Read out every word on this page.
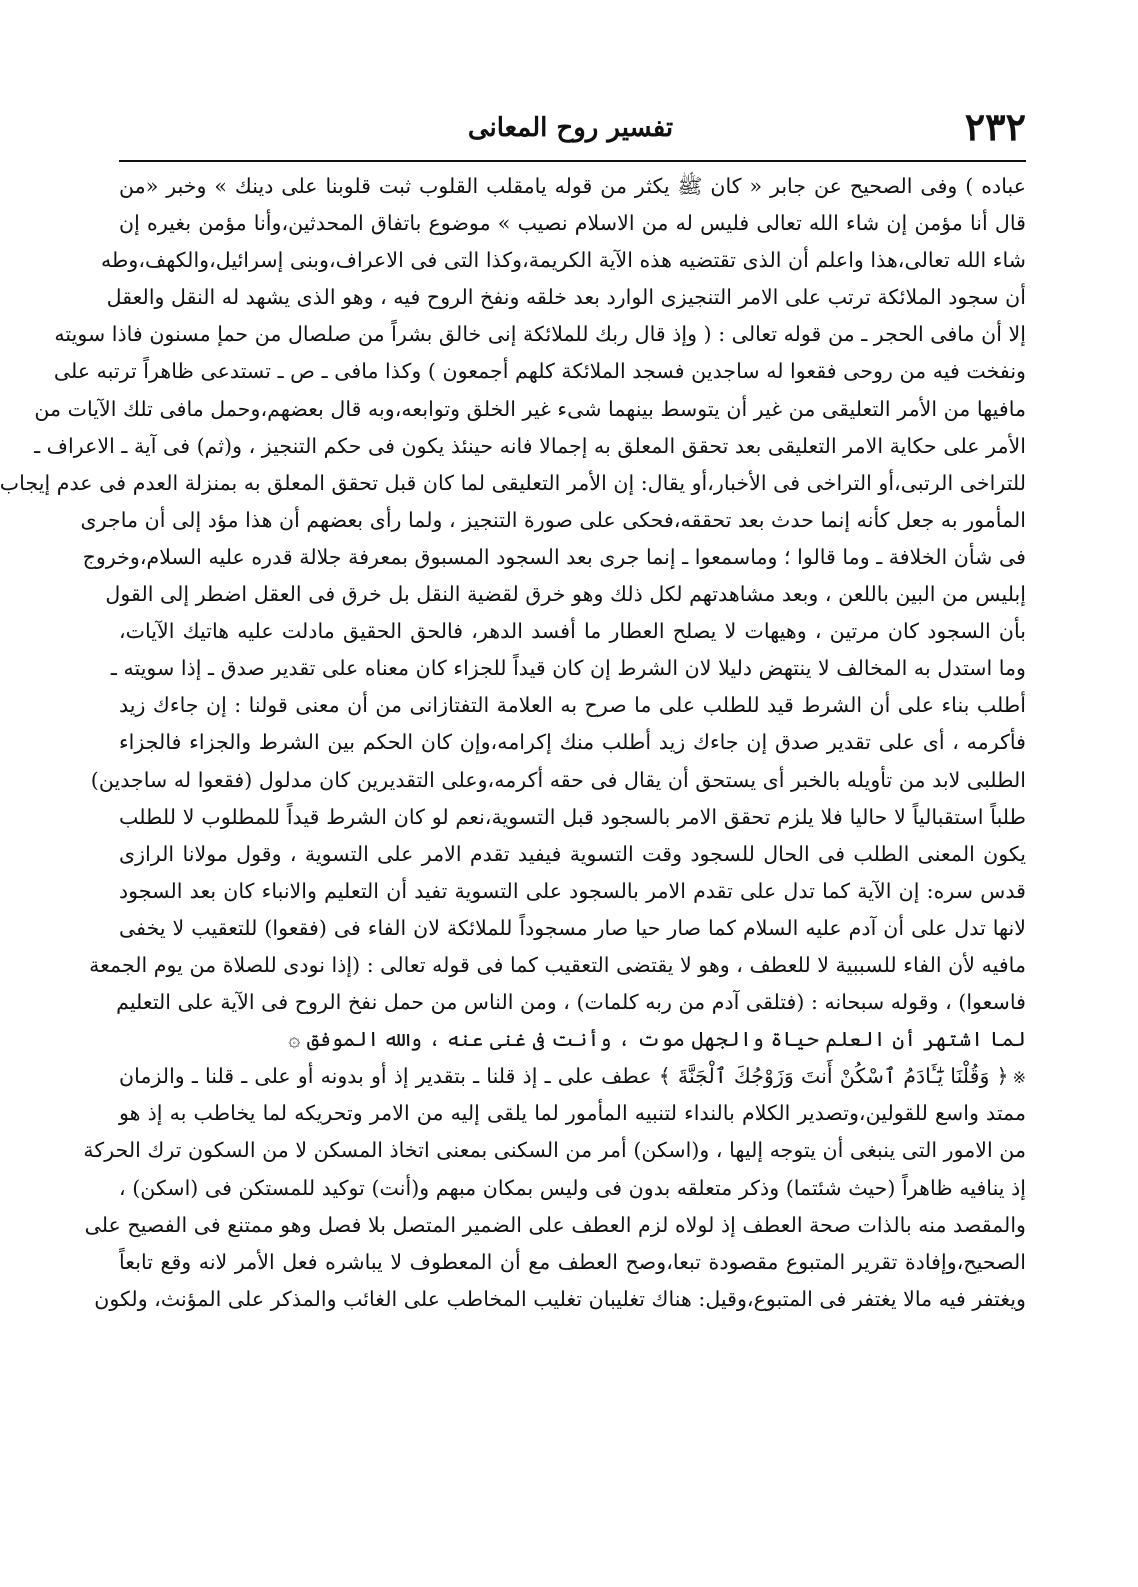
٢٣٢
تفسير روح المعانى
عباده ) وفى الصحيح عن جابر « كان ﷺ يكثر من قوله يامقلب القلوب ثبت قلوبنا على دينك » وخبر «من
قال أنا مؤمن إن شاء الله تعالى فليس له من الاسلام نصيب » موضوع باتفاق المحدثين،وأنا مؤمن بغيره إن
شاء الله تعالى،هذا واعلم أن الذى تقتضيه هذه الآية الكريمة،وكذا التى فى الاعراف،وبنى إسرائيل،والكهف،وطه
أن سجود الملائكة ترتب على الامر التنجيزى الوارد بعد خلقه ونفخ الروح فيه ، وهو الذى يشهد له النقل والعقل
إلا أن مافى الحجر ـ من قوله تعالى : ( وإذ قال ربك للملائكة إنى خالق بشراً من صلصال من حمإ مسنون فاذا سويته
ونفخت فيه من روحى فقعوا له ساجدين فسجد الملائكة كلهم أجمعون ) وكذا مافى ـ ص ـ تستدعى ظاهراً ترتبه على
مافيها من الأمر التعليقى من غير أن يتوسط بينهما شىء غير الخلق وتوابعه،وبه قال بعضهم،وحمل مافى تلك الآيات من
الأمر على حكاية الامر التعليقى بعد تحقق المعلق به إجمالا فانه حينئذ يكون فى حكم التنجيز ، و(ثم) فى آية ـ الاعراف ـ
للتراخى الرتبى،أو التراخى فى الأخبار،أو يقال: إن الأمر التعليقى لما كان قبل تحقق المعلق به بمنزلة العدم فى عدم إيجاب
المأمور به جعل كأنه إنما حدث بعد تحققه،فحكى على صورة التنجيز ، ولما رأى بعضهم أن هذا مؤد إلى أن ماجرى
فى شأن الخلافة ـ وما قالوا ؛ وماسمعوا ـ إنما جرى بعد السجود المسبوق بمعرفة جلالة قدره عليه السلام،وخروج
إبليس من البين باللعن ، وبعد مشاهدتهم لكل ذلك وهو خرق لقضية النقل بل خرق فى العقل اضطر إلى القول
بأن السجود كان مرتين ، وهيهات لا يصلح العطار ما أفسد الدهر، فالحق الحقيق مادلت عليه هاتيك الآيات،
وما استدل به المخالف لا ينتهض دليلا لان الشرط إن كان قيداً للجزاء كان معناه على تقدير صدق ـ إذا سويته ـ
أطلب بناء على أن الشرط قيد للطلب على ما صرح به العلامة التفتازانى من أن معنى قولنا : إن جاءك زيد
فأكرمه ، أى على تقدير صدق إن جاءك زيد أطلب منك إكرامه،وإن كان الحكم بين الشرط والجزاء فالجزاء
الطلبى لابد من تأويله بالخبر أى يستحق أن يقال فى حقه أكرمه،وعلى التقديرين كان مدلول (فقعوا له ساجدين)
طلباً استقبالياً لا حاليا فلا يلزم تحقق الامر بالسجود قبل التسوية،نعم لو كان الشرط قيداً للمطلوب لا للطلب
يكون المعنى الطلب فى الحال للسجود وقت التسوية فيفيد تقدم الامر على التسوية ، وقول مولانا الرازى
قدس سره: إن الآية كما تدل على تقدم الامر بالسجود على التسوية تفيد أن التعليم والانباء كان بعد السجود
لانها تدل على أن آدم عليه السلام كما صار حيا صار مسجوداً للملائكة لان الفاء فى (فقعوا) للتعقيب لا يخفى
مافيه لأن الفاء للسببية لا للعطف ، وهو لا يقتضى التعقيب كما فى قوله تعالى : (إذا نودى للصلاة من يوم الجمعة
فاسعوا) ، وقوله سبحانه : (فتلقى آدم من ربه كلمات) ، ومن الناس من حمل نفخ الروح فى الآية على التعليم
لما اشتهر أن العلم حياة والجهل موت ، وأنت فى غنى عنه ، والله الموفق ۞
※﴿ وَقُلْنَا يَٰٓـَٔادَمُ ٱسْكُنْ أَنتَ وَزَوْجُكَ ٱلْجَنَّةَ ﴾ عطف على ـ إذ قلنا ـ بتقدير إذ أو بدونه أو على ـ قلنا ـ والزمان
ممتد واسع للقولين،وتصدير الكلام بالنداء لتنبيه المأمور لما يلقى إليه من الامر وتحريكه لما يخاطب به إذ هو
من الامور التى ينبغى أن يتوجه إليها ، و(اسكن) أمر من السكنى بمعنى اتخاذ المسكن لا من السكون ترك الحركة
إذ ينافيه ظاهراً (حيث شئتما) وذكر متعلقه بدون فى وليس بمكان مبهم و(أنت) توكيد للمستكن فى (اسكن) ،
والمقصد منه بالذات صحة العطف إذ لولاه لزم العطف على الضمير المتصل بلا فصل وهو ممتنع فى الفصيح على
الصحيح،وإفادة تقرير المتبوع مقصودة تبعا،وصح العطف مع أن المعطوف لا يباشره فعل الأمر لانه وقع تابعاً
ويغتفر فيه مالا يغتفر فى المتبوع،وقيل: هناك تغليبان تغليب المخاطب على الغائب والمذكر على المؤنث، ولكون
